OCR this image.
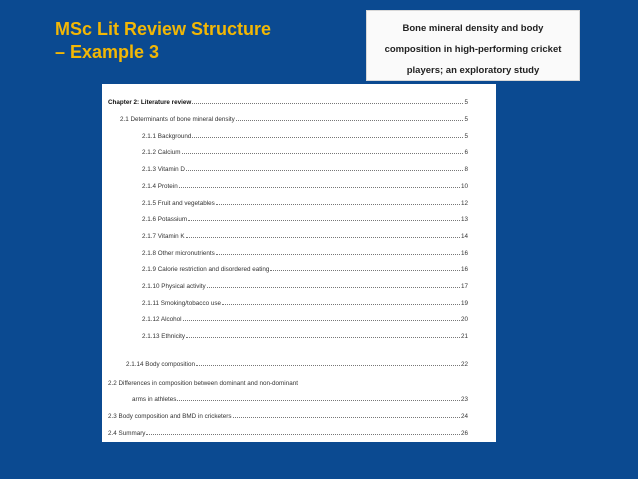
MSc Lit Review Structure
– Example 3
Bone mineral density and body
composition in high-performing cricket
players; an exploratory study
Chapter 2: Literature review	5
2.1 Determinants of bone mineral density	5
2.1.1 Background	5
2.1.2 Calcium	6
2.1.3 Vitamin D	8
2.1.4 Protein	10
2.1.5 Fruit and vegetables	12
2.1.6 Potassium	13
2.1.7 Vitamin K	14
2.1.8 Other micronutrients	16
2.1.9 Calorie restriction and disordered eating	16
2.1.10 Physical activity	17
2.1.11 Smoking/tobacco use	19
2.1.12 Alcohol	20
2.1.13 Ethnicity	21
2.1.14 Body composition	22
2.2 Differences in composition between dominant and non-dominant
arms in athletes	23
2.3 Body composition and BMD in cricketers	24
2.4 Summary	26
